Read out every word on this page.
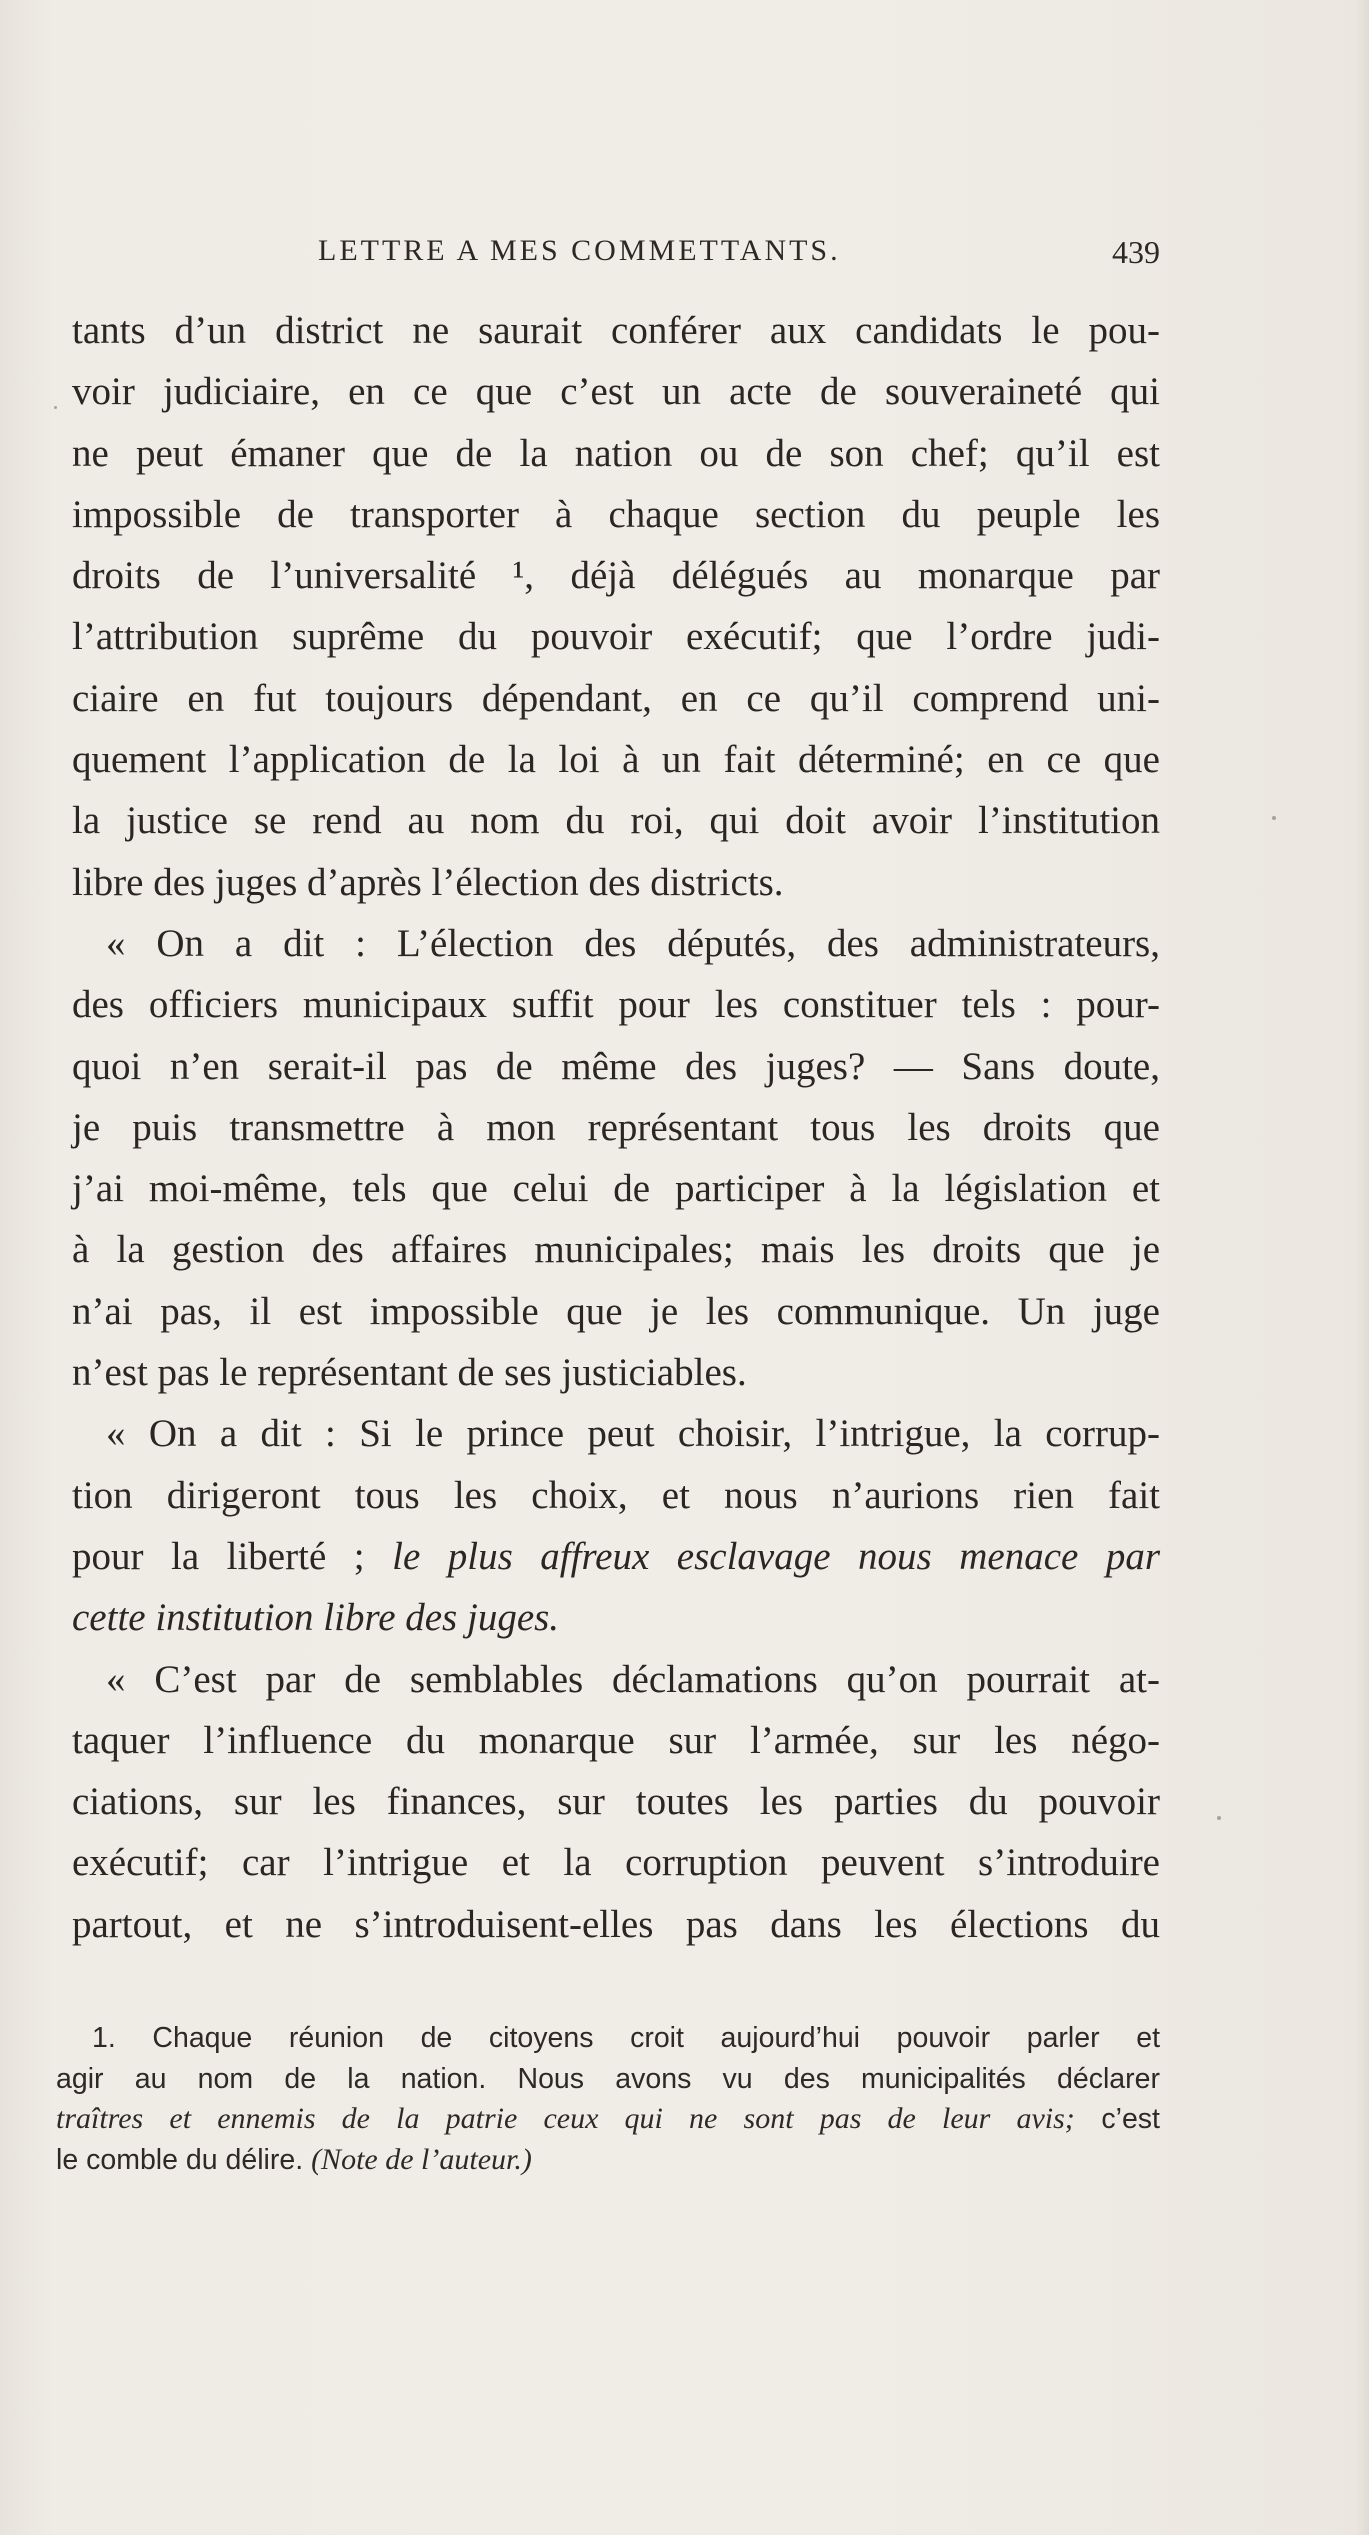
LETTRE A MES COMMETTANTS.	439
tants d’un district ne saurait conférer aux candidats le pou-
voir judiciaire, en ce que c’est un acte de souveraineté qui
ne peut émaner que de la nation ou de son chef; qu’il est
impossible de transporter à chaque section du peuple les
droits de l’universalité ¹, déjà délégués au monarque par
l’attribution suprême du pouvoir exécutif; que l’ordre judi-
ciaire en fut toujours dépendant, en ce qu’il comprend uni-
quement l’application de la loi à un fait déterminé; en ce que
la justice se rend au nom du roi, qui doit avoir l’institution
libre des juges d’après l’élection des districts.
« On a dit : L’élection des députés, des administrateurs,
des officiers municipaux suffit pour les constituer tels : pour-
quoi n’en serait-il pas de même des juges? — Sans doute,
je puis transmettre à mon représentant tous les droits que
j’ai moi-même, tels que celui de participer à la législation et
à la gestion des affaires municipales; mais les droits que je
n’ai pas, il est impossible que je les communique. Un juge
n’est pas le représentant de ses justiciables.
« On a dit : Si le prince peut choisir, l’intrigue, la corrup-
tion dirigeront tous les choix, et nous n’aurions rien fait
pour la liberté ; le plus affreux esclavage nous menace par
cette institution libre des juges.
« C’est par de semblables déclamations qu’on pourrait at-
taquer l’influence du monarque sur l’armée, sur les négo-
ciations, sur les finances, sur toutes les parties du pouvoir
exécutif; car l’intrigue et la corruption peuvent s’introduire
partout, et ne s’introduisent-elles pas dans les élections du
1. Chaque réunion de citoyens croit aujourd’hui pouvoir parler et
agir au nom de la nation. Nous avons vu des municipalités déclarer
traîtres et ennemis de la patrie ceux qui ne sont pas de leur avis; c’est
le comble du délire. (Note de l’auteur.)
